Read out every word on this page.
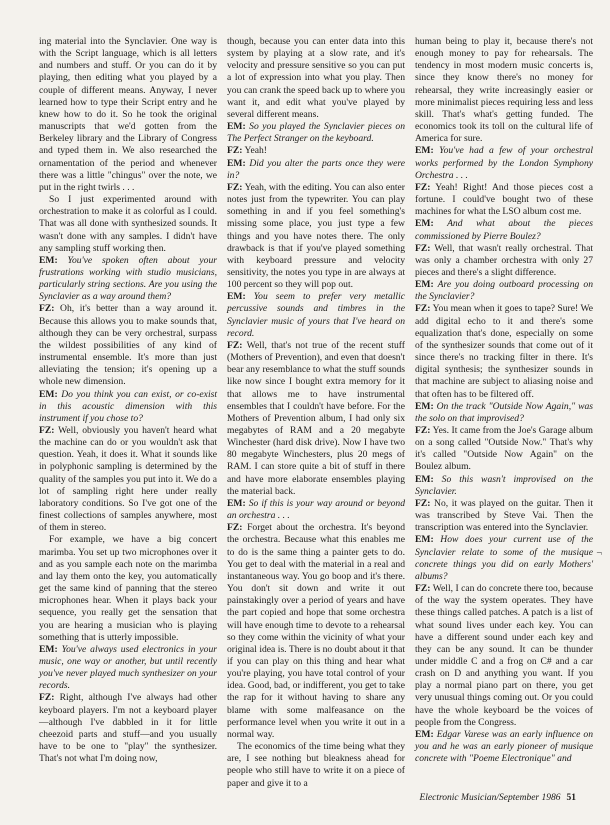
ing material into the Synclavier. One way is with the Script language, which is all letters and numbers and stuff. Or you can do it by playing, then editing what you played by a couple of different means. Anyway, I never learned how to type their Script entry and he knew how to do it. So he took the original manuscripts that we'd gotten from the Berkeley library and the Library of Congress and typed them in. We also researched the ornamentation of the period and whenever there was a little "chingus" over the note, we put in the right twirls . . .

So I just experimented around with orchestration to make it as colorful as I could. That was all done with synthesized sounds. It wasn't done with any samples. I didn't have any sampling stuff working then.

EM: You've spoken often about your frustrations working with studio musicians, particularly string sections. Are you using the Synclavier as a way around them?

FZ: Oh, it's better than a way around it. Because this allows you to make sounds that, although they can be very orchestral, surpass the wildest possibilities of any kind of instrumental ensemble. It's more than just alleviating the tension; it's opening up a whole new dimension.

EM: Do you think you can exist, or co-exist in this acoustic dimension with this instrument if you chose to?

FZ: Well, obviously you haven't heard what the machine can do or you wouldn't ask that question. Yeah, it does it. What it sounds like in polyphonic sampling is determined by the quality of the samples you put into it. We do a lot of sampling right here under really laboratory conditions. So I've got one of the finest collections of samples anywhere, most of them in stereo.

For example, we have a big concert marimba. You set up two microphones over it and as you sample each note on the marimba and lay them onto the key, you automatically get the same kind of panning that the stereo microphones hear. When it plays back your sequence, you really get the sensation that you are hearing a musician who is playing something that is utterly impossible.

EM: You've always used electronics in your music, one way or another, but until recently you've never played much synthesizer on your records.

FZ: Right, although I've always had other keyboard players. I'm not a keyboard player—although I've dabbled in it for little cheezoid parts and stuff—and you usually have to be one to "play" the synthesizer. That's not what I'm doing now,

though, because you can enter data into this system by playing at a slow rate, and it's velocity and pressure sensitive so you can put a lot of expression into what you play. Then you can crank the speed back up to where you want it, and edit what you've played by several different means.

EM: So you played the Synclavier pieces on The Perfect Stranger on the keyboard.

FZ: Yeah!

EM: Did you alter the parts once they were in?

FZ: Yeah, with the editing. You can also enter notes just from the typewriter. You can play something in and if you feel something's missing some place, you just type a few things and you have notes there. The only drawback is that if you've played something with keyboard pressure and velocity sensitivity, the notes you type in are always at 100 percent so they will pop out.

EM: You seem to prefer very metallic percussive sounds and timbres in the Synclavier music of yours that I've heard on record.

FZ: Well, that's not true of the recent stuff (Mothers of Prevention), and even that doesn't bear any resemblance to what the stuff sounds like now since I bought extra memory for it that allows me to have instrumental ensembles that I couldn't have before. For the Mothers of Prevention album, I had only six megabytes of RAM and a 20 megabyte Winchester (hard disk drive). Now I have two 80 megabyte Winchesters, plus 20 megs of RAM. I can store quite a bit of stuff in there and have more elaborate ensembles playing the material back.

EM: So if this is your way around or beyond an orchestra . . .

FZ: Forget about the orchestra. It's beyond the orchestra. Because what this enables me to do is the same thing a painter gets to do. You get to deal with the material in a real and instantaneous way. You go boop and it's there. You don't sit down and write it out painstakingly over a period of years and have the part copied and hope that some orchestra will have enough time to devote to a rehearsal so they come within the vicinity of what your original idea is. There is no doubt about it that if you can play on this thing and hear what you're playing, you have total control of your idea. Good, bad, or indifferent, you get to take the rap for it without having to share any blame with some malfeasance on the performance level when you write it out in a normal way.

The economics of the time being what they are, I see nothing but bleakness ahead for people who still have to write it on a piece of paper and give it to a

human being to play it, because there's not enough money to pay for rehearsals. The tendency in most modern music concerts is, since they know there's no money for rehearsal, they write increasingly easier or more minimalist pieces requiring less and less skill. That's what's getting funded. The economics took its toll on the cultural life of America for sure.

EM: You've had a few of your orchestral works performed by the London Symphony Orchestra . . .

FZ: Yeah! Right! And those pieces cost a fortune. I could've bought two of these machines for what the LSO album cost me.

EM: And what about the pieces commissioned by Pierre Boulez?

FZ: Well, that wasn't really orchestral. That was only a chamber orchestra with only 27 pieces and there's a slight difference.

EM: Are you doing outboard processing on the Synclavier?

FZ: You mean when it goes to tape? Sure! We add digital echo to it and there's some equalization that's done, especially on some of the synthesizer sounds that come out of it since there's no tracking filter in there. It's digital synthesis; the synthesizer sounds in that machine are subject to aliasing noise and that often has to be filtered off.

EM: On the track "Outside Now Again," was the solo on that improvised?

FZ: Yes. It came from the Joe's Garage album on a song called "Outside Now." That's why it's called "Outside Now Again" on the Boulez album.

EM: So this wasn't improvised on the Synclavier.

FZ: No, it was played on the guitar. Then it was transcribed by Steve Vai. Then the transcription was entered into the Synclavier.

EM: How does your current use of the Synclavier relate to some of the musique concrete things you did on early Mothers' albums?

FZ: Well, I can do concrete there too, because of the way the system operates. They have these things called patches. A patch is a list of what sound lives under each key. You can have a different sound under each key and they can be any sound. It can be thunder under middle C and a frog on C# and a car crash on D and anything you want. If you play a normal piano part on there, you get very unusual things coming out. Or you could have the whole keyboard be the voices of people from the Congress.

EM: Edgar Varese was an early influence on you and he was an early pioneer of musique concrete with "Poeme Electronique" and

¬
Electronic Musician/September 1986 51
